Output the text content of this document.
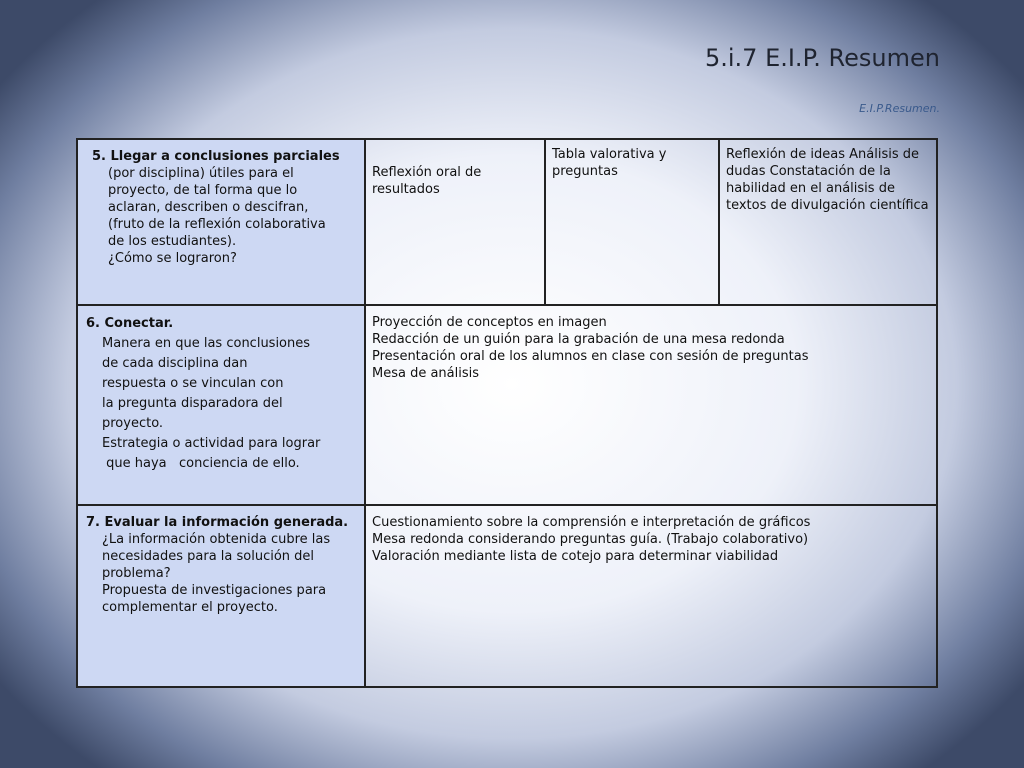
5.i.7 E.I.P. Resumen
E.I.P.Resumen.
5. Llegar a conclusiones parciales
(por disciplina) útiles para el
proyecto, de tal forma que lo
aclaran, describen o descifran,
(fruto de la reflexión colaborativa
de los estudiantes).
¿Cómo se lograron?
Reflexión oral de resultados
Tabla valorativa y preguntas
Reflexión de ideas Análisis de dudas Constatación de la habilidad en el análisis de textos de divulgación científica
6. Conectar.
Manera en que las conclusiones
de cada disciplina dan
respuesta o se vinculan con
la pregunta disparadora del
proyecto.
Estrategia o actividad para lograr
que haya   conciencia de ello.
Proyección de conceptos en imagen
Redacción de un guión para la grabación de una mesa redonda
Presentación oral de los alumnos en clase con sesión de preguntas
Mesa de análisis
7. Evaluar la información generada.
¿La información obtenida cubre las
necesidades para la solución del
problema?
Propuesta de investigaciones para
complementar el proyecto.
Cuestionamiento sobre la comprensión e interpretación de gráficos
Mesa redonda considerando preguntas guía. (Trabajo colaborativo)
Valoración mediante lista de cotejo para determinar viabilidad
